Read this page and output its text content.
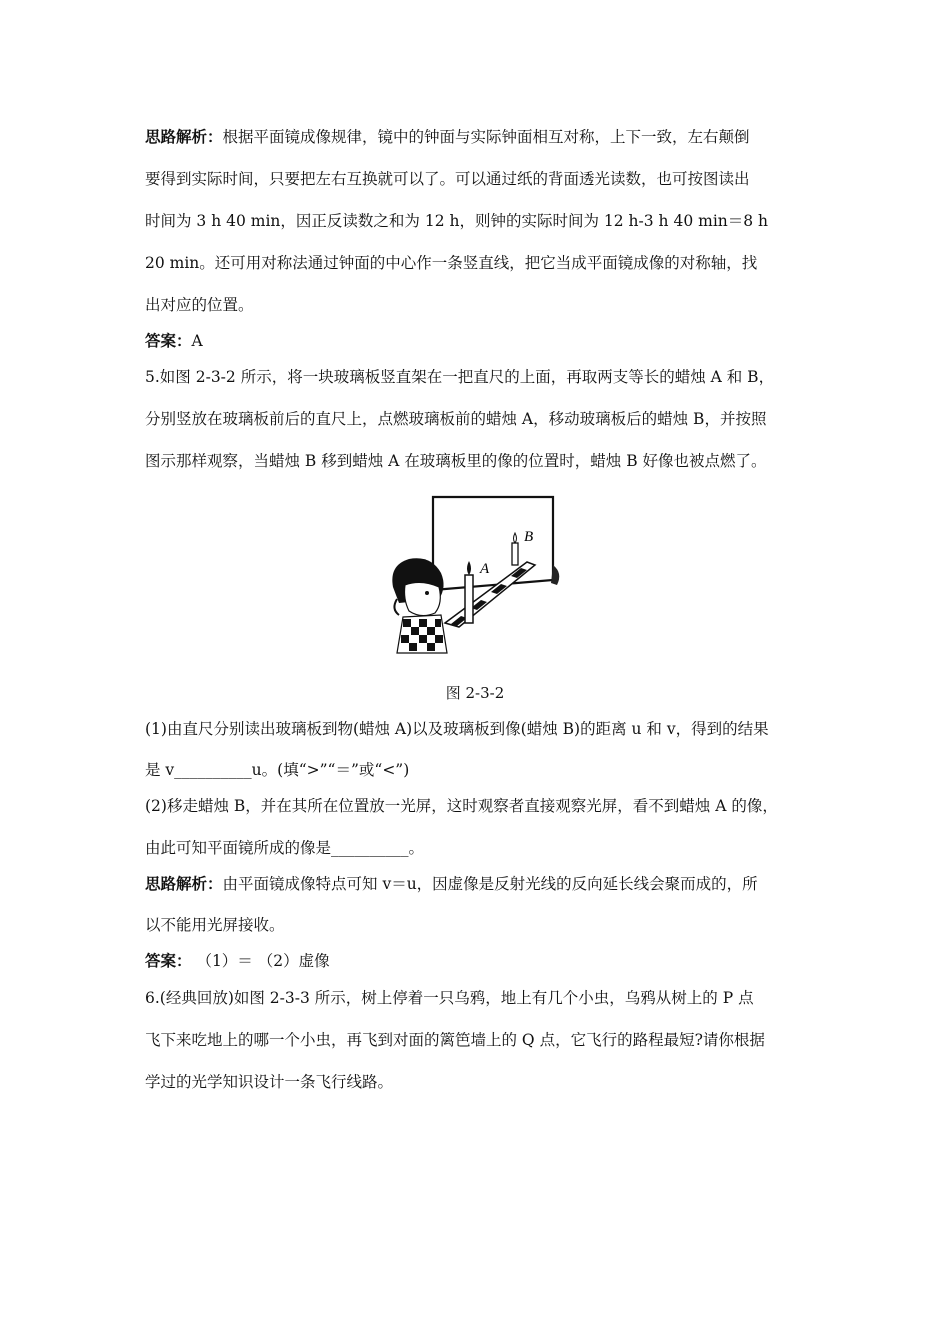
思路解析：根据平面镜成像规律，镜中的钟面与实际钟面相互对称，上下一致，左右颠倒
要得到实际时间，只要把左右互换就可以了。可以通过纸的背面透光读数，也可按图读出
时间为 3 h 40 min，因正反读数之和为 12 h，则钟的实际时间为 12 h-3 h 40 min＝8 h
20 min。还可用对称法通过钟面的中心作一条竖直线，把它当成平面镜成像的对称轴，找
出对应的位置。
答案：A
5.如图 2-3-2 所示，将一块玻璃板竖直架在一把直尺的上面，再取两支等长的蜡烛 A 和 B，
分别竖放在玻璃板前后的直尺上，点燃玻璃板前的蜡烛 A，移动玻璃板后的蜡烛 B，并按照
图示那样观察，当蜡烛 B 移到蜡烛 A 在玻璃板里的像的位置时，蜡烛 B 好像也被点燃了。
B
A
图 2-3-2
(1)由直尺分别读出玻璃板到物(蜡烛 A)以及玻璃板到像(蜡烛 B)的距离 u 和 v，得到的结果
是 v__________u。(填“>”“＝”或“<”)
(2)移走蜡烛 B，并在其所在位置放一光屏，这时观察者直接观察光屏，看不到蜡烛 A 的像，
由此可知平面镜所成的像是__________。
思路解析：由平面镜成像特点可知 v＝u，因虚像是反射光线的反向延长线会聚而成的，所
以不能用光屏接收。
答案： （1）＝ （2）虚像
6.(经典回放)如图 2-3-3 所示，树上停着一只乌鸦，地上有几个小虫，乌鸦从树上的 P 点
飞下来吃地上的哪一个小虫，再飞到对面的篱笆墙上的 Q 点，它飞行的路程最短?请你根据
学过的光学知识设计一条飞行线路。
